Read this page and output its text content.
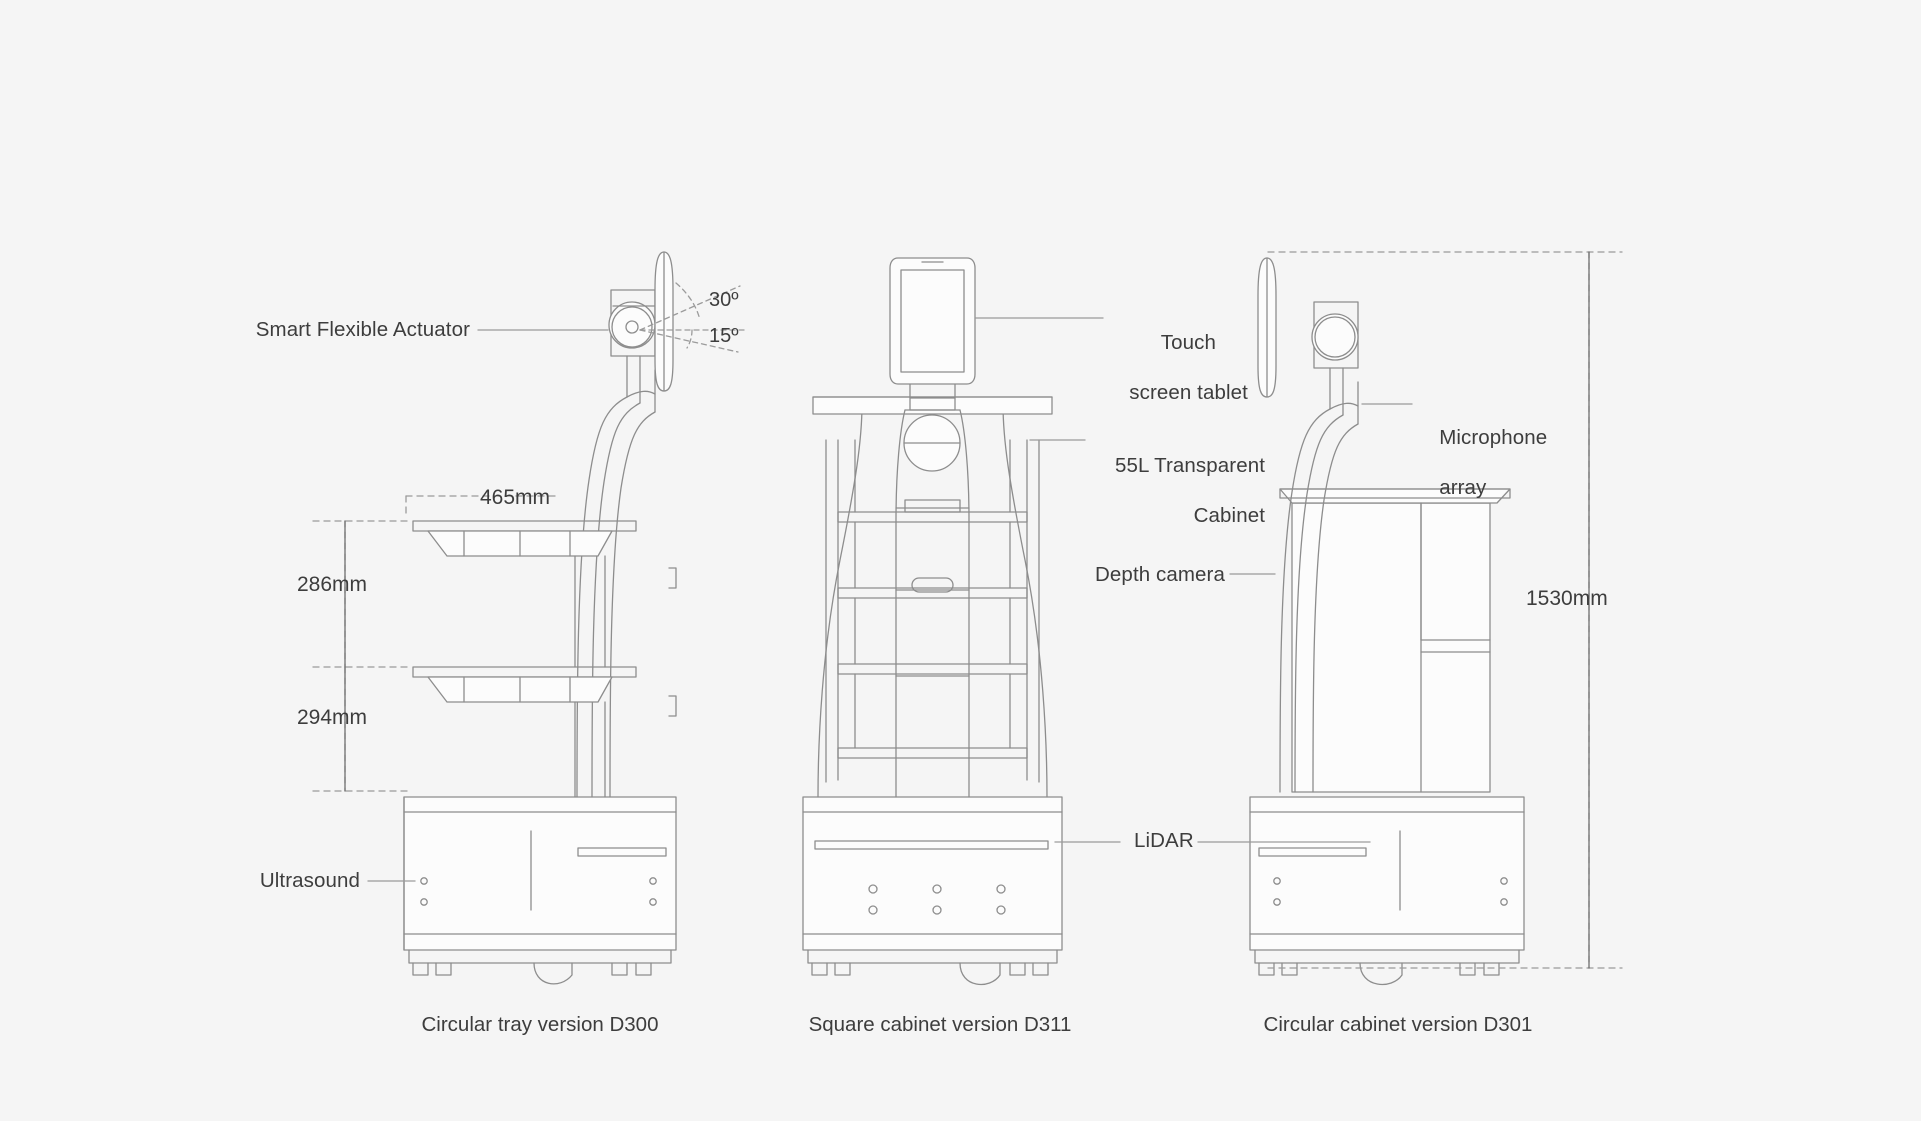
Smart Flexible Actuator
Ultrasound

Touch

screen tablet

55L Transparent

Cabinet

Depth camera
LiDAR

Microphone

array

465mm
286mm
294mm
1530mm
30º
15º
Circular tray version D300	Square cabinet version D311	Circular cabinet version D301
